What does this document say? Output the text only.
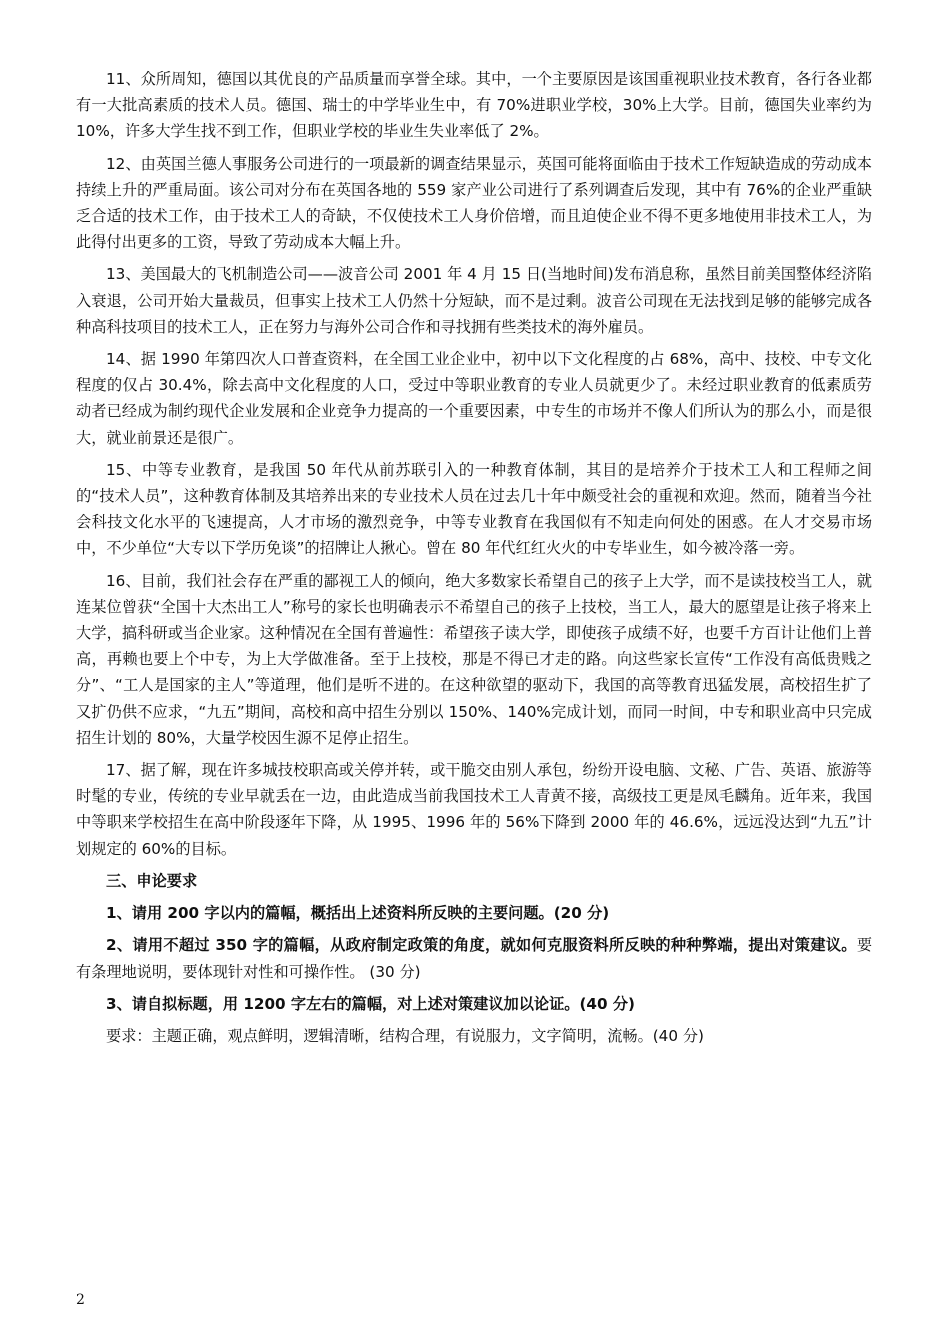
11、众所周知，德国以其优良的产品质量而享誉全球。其中，一个主要原因是该国重视职业技术教育，各行各业都有一大批高素质的技术人员。德国、瑞士的中学毕业生中，有 70%进职业学校，30%上大学。目前，德国失业率约为 10%，许多大学生找不到工作，但职业学校的毕业生失业率低了 2%。

12、由英国兰德人事服务公司进行的一项最新的调查结果显示，英国可能将面临由于技术工作短缺造成的劳动成本持续上升的严重局面。该公司对分布在英国各地的 559 家产业公司进行了系列调查后发现，其中有 76%的企业严重缺乏合适的技术工作，由于技术工人的奇缺，不仅使技术工人身价倍增，而且迫使企业不得不更多地使用非技术工人，为此得付出更多的工资，导致了劳动成本大幅上升。

13、美国最大的飞机制造公司——波音公司 2001 年 4 月 15 日(当地时间)发布消息称，虽然目前美国整体经济陷入衰退，公司开始大量裁员，但事实上技术工人仍然十分短缺，而不是过剩。波音公司现在无法找到足够的能够完成各种高科技项目的技术工人，正在努力与海外公司合作和寻找拥有些类技术的海外雇员。

14、据 1990 年第四次人口普查资料，在全国工业企业中，初中以下文化程度的占 68%，高中、技校、中专文化程度的仅占 30.4%，除去高中文化程度的人口，受过中等职业教育的专业人员就更少了。未经过职业教育的低素质劳动者已经成为制约现代企业发展和企业竞争力提高的一个重要因素，中专生的市场并不像人们所认为的那么小，而是很大，就业前景还是很广。

15、中等专业教育，是我国 50 年代从前苏联引入的一种教育体制，其目的是培养介于技术工人和工程师之间的“技术人员”，这种教育体制及其培养出来的专业技术人员在过去几十年中颇受社会的重视和欢迎。然而，随着当今社会科技文化水平的飞速提高，人才市场的激烈竞争，中等专业教育在我国似有不知走向何处的困惑。在人才交易市场中，不少单位“大专以下学历免谈”的招牌让人揪心。曾在 80 年代红红火火的中专毕业生，如今被冷落一旁。

16、目前，我们社会存在严重的鄙视工人的倾向，绝大多数家长希望自己的孩子上大学，而不是读技校当工人，就连某位曾获“全国十大杰出工人”称号的家长也明确表示不希望自己的孩子上技校，当工人，最大的愿望是让孩子将来上大学，搞科研或当企业家。这种情况在全国有普遍性：希望孩子读大学，即使孩子成绩不好，也要千方百计让他们上普高，再赖也要上个中专，为上大学做准备。至于上技校，那是不得已才走的路。向这些家长宣传“工作没有高低贵贱之分”、“工人是国家的主人”等道理，他们是听不进的。在这种欲望的驱动下，我国的高等教育迅猛发展，高校招生扩了又扩仍供不应求，“九五”期间，高校和高中招生分别以 150%、140%完成计划，而同一时间，中专和职业高中只完成招生计划的 80%，大量学校因生源不足停止招生。

17、据了解，现在许多城技校职高或关停并转，或干脆交由别人承包，纷纷开设电脑、文秘、广告、英语、旅游等时髦的专业，传统的专业早就丢在一边，由此造成当前我国技术工人青黄不接，高级技工更是凤毛麟角。近年来，我国中等职来学校招生在高中阶段逐年下降，从 1995、1996 年的 56%下降到 2000 年的 46.6%，远远没达到“九五”计划规定的 60%的目标。

三、申论要求

1、请用 200 字以内的篇幅，概括出上述资料所反映的主要问题。(20 分)

2、请用不超过 350 字的篇幅，从政府制定政策的角度，就如何克服资料所反映的种种弊端，提出对策建议。要有条理地说明，要体现针对性和可操作性。 (30 分)

3、请自拟标题，用 1200 字左右的篇幅，对上述对策建议加以论证。(40 分)

要求：主题正确，观点鲜明，逻辑清晰，结构合理，有说服力，文字简明，流畅。(40 分)

2
